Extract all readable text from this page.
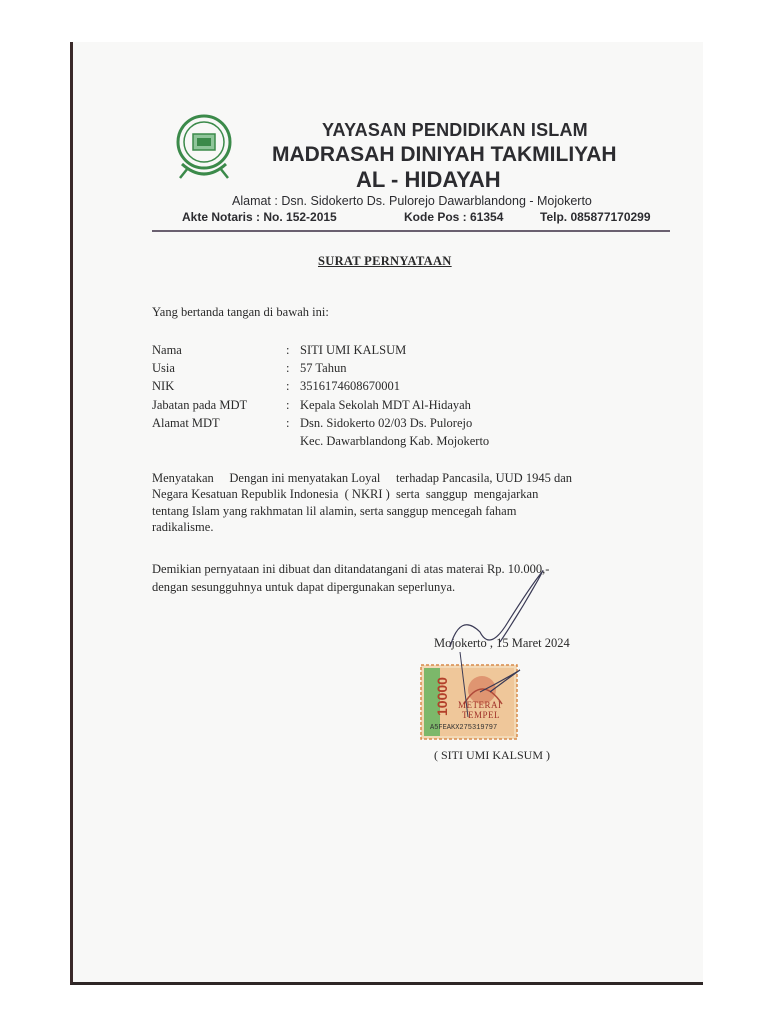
YAYASAN PENDIDIKAN ISLAM
MADRASAH DINIYAH TAKMILIYAH
AL - HIDAYAH
Alamat : Dsn. Sidokerto Ds. Pulorejo Dawarblandong - Mojokerto
Akte Notaris : No. 152-2015	Kode Pos : 61354	Telp. 085877170299
SURAT PERNYATAAN
Yang bertanda tangan di bawah ini:
Nama	: SITI UMI KALSUM
Usia	: 57 Tahun
NIK	: 3516174608670001
Jabatan pada MDT	: Kepala Sekolah MDT Al-Hidayah
Alamat MDT	: Dsn. Sidokerto 02/03 Ds. Pulorejo
Kec. Dawarblandong Kab. Mojokerto
Menyatakan     Dengan ini menyatakan Loyal     terhadap Pancasila, UUD 1945 dan
Negara Kesatuan Republik Indonesia  ( NKRI )  serta  sanggup  mengajarkan
tentang Islam yang rakhmatan lil alamin, serta sanggup mencegah faham
radikalisme.
Demikian pernyataan ini dibuat dan ditandatangani di atas materai Rp. 10.000,-
dengan sesungguhnya untuk dapat dipergunakan seperlunya.
Mojokerto , 15 Maret 2024
10000 METERAI
TEMPEL
A5FEAKX275319797
( SITI UMI KALSUM )
